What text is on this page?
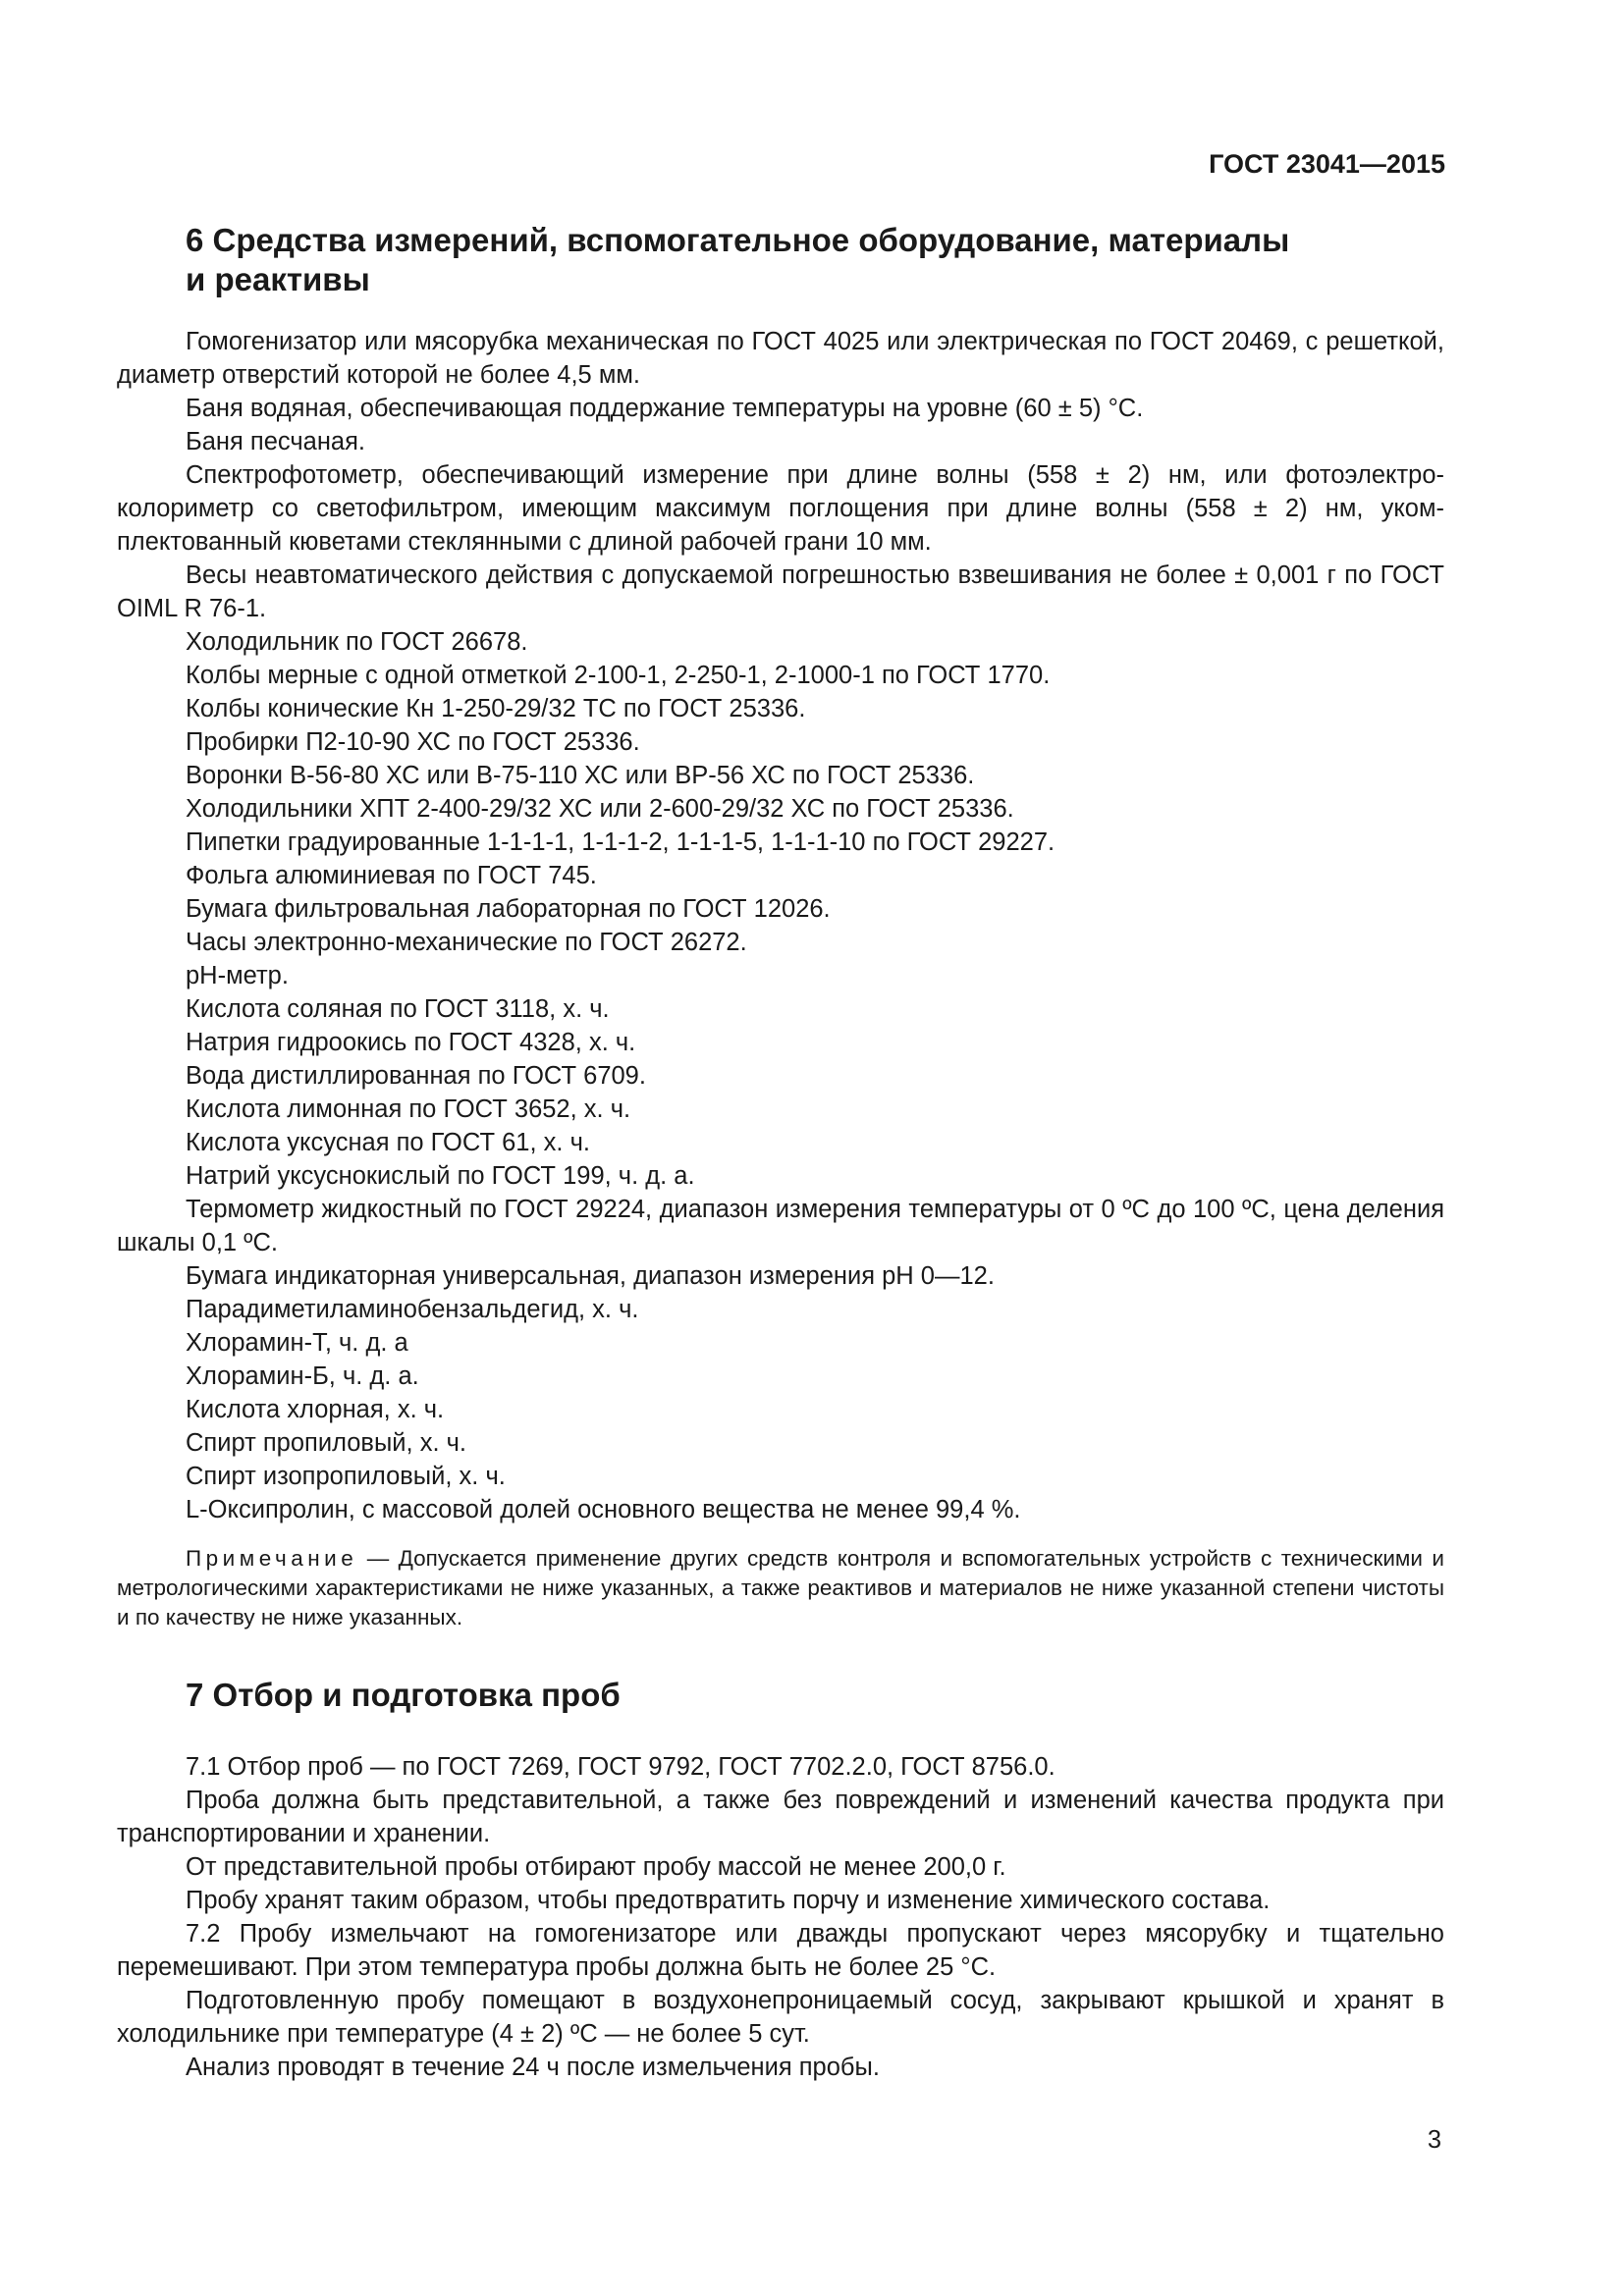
ГОСТ 23041—2015
6 Средства измерений, вспомогательное оборудование, материалы
и реактивы

Гомогенизатор или мясорубка механическая по ГОСТ 4025 или электрическая по ГОСТ 20469, с решеткой, диаметр отверстий которой не более 4,5 мм.

Баня водяная, обеспечивающая поддержание температуры на уровне (60 ± 5) °С.

Баня песчаная.

Спектрофотометр, обеспечивающий измерение при длине волны (558 ± 2) нм, или фотоэлектроколориметр со светофильтром, имеющим максимум поглощения при длине волны (558 ± 2) нм, укомплектованный кюветами стеклянными с длиной рабочей грани 10 мм.

Весы неавтоматического действия с допускаемой погрешностью взвешивания не более ± 0,001 г по ГОСТ OIML R 76-1.

Холодильник по ГОСТ 26678.

Колбы мерные с одной отметкой 2-100-1, 2-250-1, 2-1000-1 по ГОСТ 1770.

Колбы конические Кн 1-250-29/32 ТС по ГОСТ 25336.

Пробирки П2-10-90 ХС по ГОСТ 25336.

Воронки В-56-80 ХС или В-75-110 ХС или ВР-56 ХС по ГОСТ 25336.

Холодильники ХПТ 2-400-29/32 ХС или 2-600-29/32 ХС по ГОСТ 25336.

Пипетки градуированные 1-1-1-1, 1-1-1-2, 1-1-1-5, 1-1-1-10 по ГОСТ 29227.

Фольга алюминиевая по ГОСТ 745.

Бумага фильтровальная лабораторная по ГОСТ 12026.

Часы электронно-механические по ГОСТ 26272.

pH-метр.

Кислота соляная по ГОСТ 3118, х. ч.

Натрия гидроокись по ГОСТ 4328, х. ч.

Вода дистиллированная по ГОСТ 6709.

Кислота лимонная по ГОСТ 3652, х. ч.

Кислота уксусная по ГОСТ 61, х. ч.

Натрий уксуснокислый по ГОСТ 199, ч. д. а.

Термометр жидкостный по ГОСТ 29224, диапазон измерения температуры от 0 ºС до 100 ºС, цена деления шкалы 0,1 ºС.

Бумага индикаторная универсальная, диапазон измерения pH 0—12.

Парадиметиламинобензальдегид, х. ч.

Хлорамин-Т, ч. д. а

Хлорамин-Б, ч. д. а.

Кислота хлорная, х. ч.

Спирт пропиловый, х. ч.

Спирт изопропиловый, х. ч.

L-Оксипролин, с массовой долей основного вещества не менее 99,4 %.

Примечание — Допускается применение других средств контроля и вспомогательных устройств с техническими и метрологическими характеристиками не ниже указанных, а также реактивов и материалов не ниже указанной степени чистоты и по качеству не ниже указанных.

7 Отбор и подготовка проб

7.1 Отбор проб — по ГОСТ 7269, ГОСТ 9792, ГОСТ 7702.2.0, ГОСТ 8756.0.

Проба должна быть представительной, а также без повреждений и изменений качества продукта при транспортировании и хранении.

От представительной пробы отбирают пробу массой не менее 200,0 г.

Пробу хранят таким образом, чтобы предотвратить порчу и изменение химического состава.

7.2 Пробу измельчают на гомогенизаторе или дважды пропускают через мясорубку и тщательно перемешивают. При этом температура пробы должна быть не более 25 °С.

Подготовленную пробу помещают в воздухонепроницаемый сосуд, закрывают крышкой и хранят в холодильнике при температуре (4 ± 2) ºС — не более 5 сут.

Анализ проводят в течение 24 ч после измельчения пробы.

3
